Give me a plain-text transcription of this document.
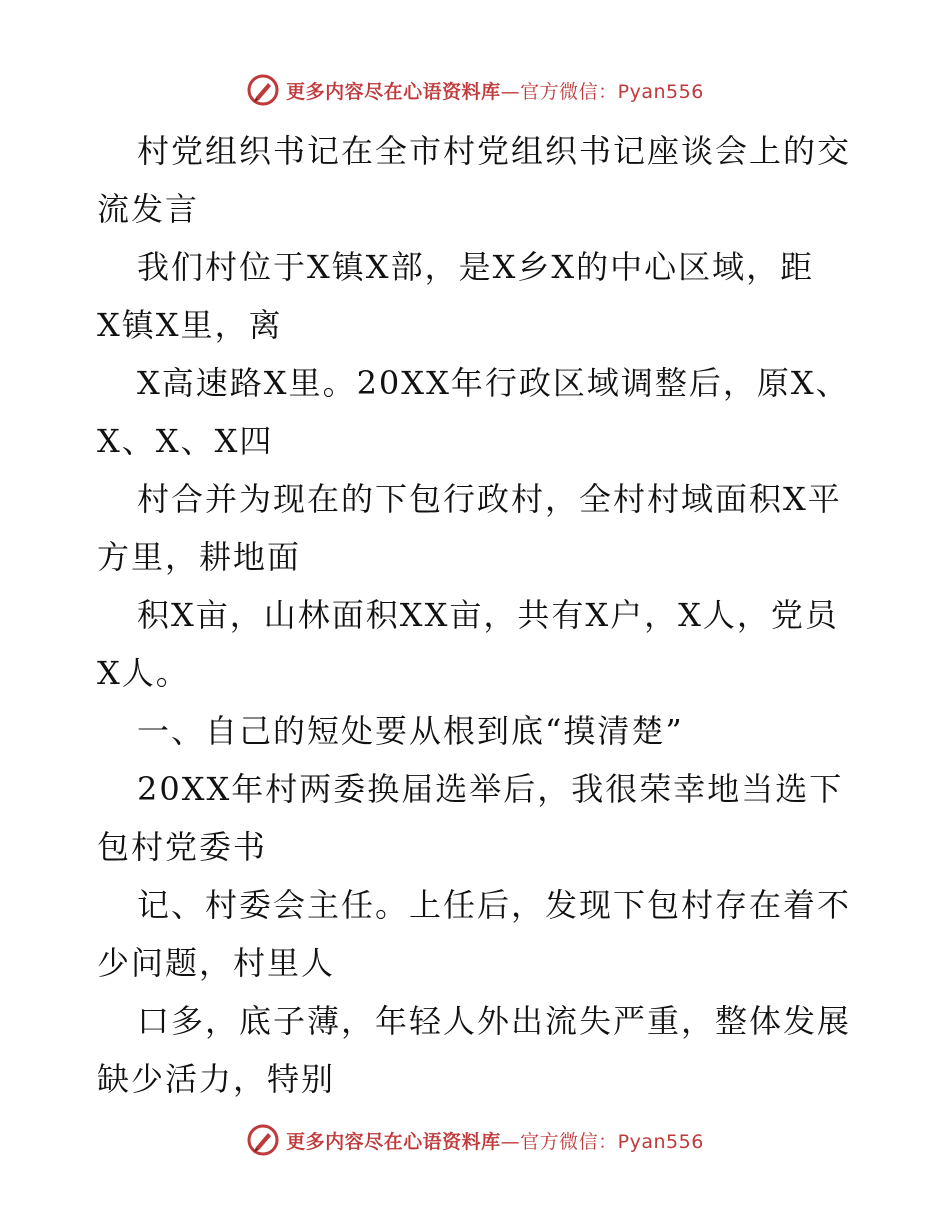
更多内容尽在心语资料库—官方微信：Pyan556
村党组织书记在全市村党组织书记座谈会上的交
流发言
我们村位于X镇X部，是X乡X的中心区域，距
X镇X里，离
X高速路X里。20XX年行政区域调整后，原X、
X、X、X四
村合并为现在的下包行政村，全村村域面积X平
方里，耕地面
积X亩，山林面积XX亩，共有X户，X人，党员
X人。
一、自己的短处要从根到底“摸清楚”
20XX年村两委换届选举后，我很荣幸地当选下
包村党委书
记、村委会主任。上任后，发现下包村存在着不
少问题，村里人
口多，底子薄，年轻人外出流失严重，整体发展
缺少活力，特别
更多内容尽在心语资料库—官方微信：Pyan556
